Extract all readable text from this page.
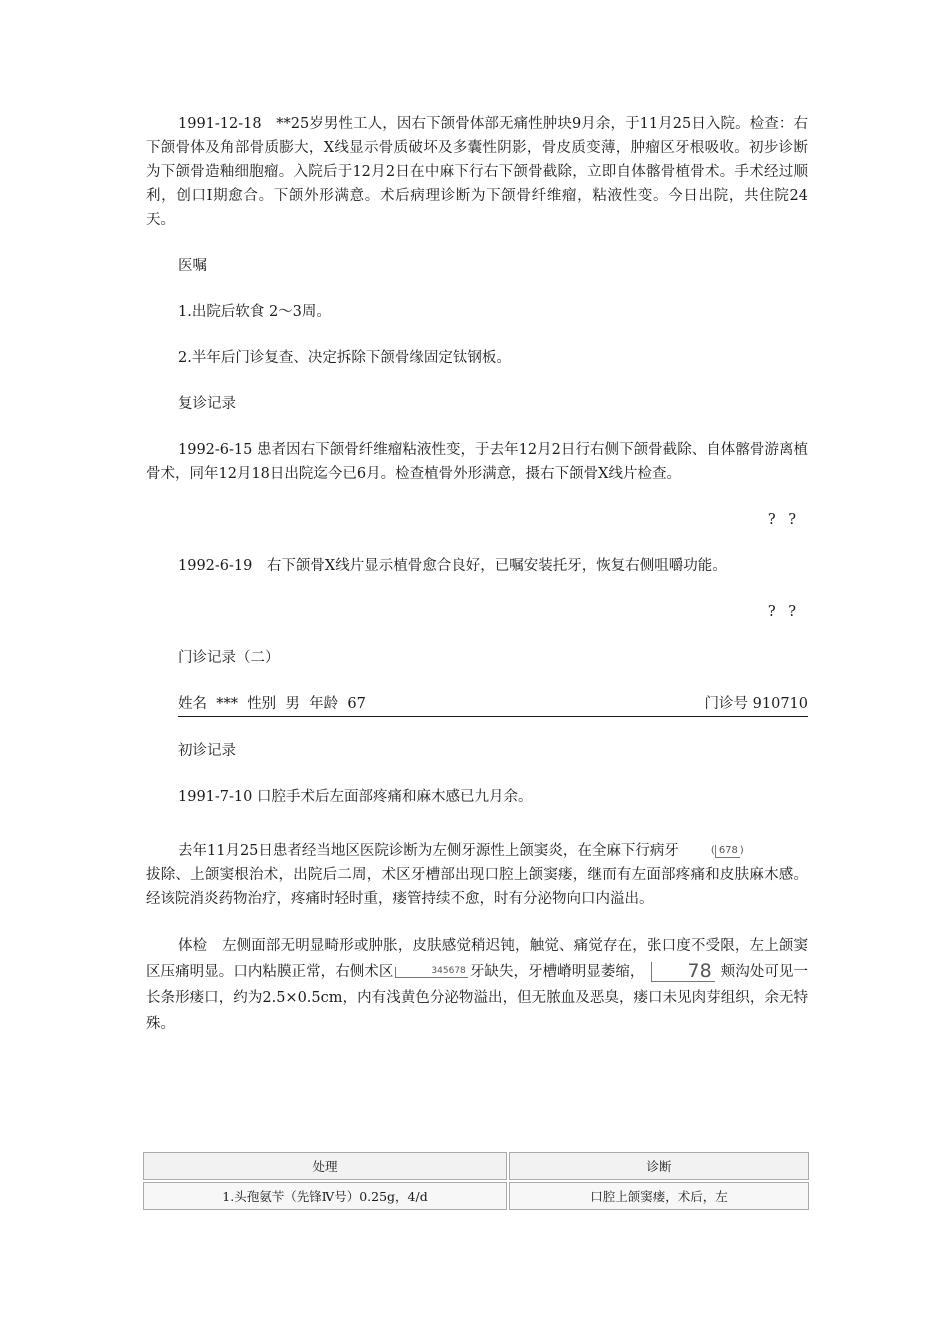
1991-12-18　**25岁男性工人，因右下颌骨体部无痛性肿块9月余，于11月25日入院。检查：右下颌骨体及角部骨质膨大，X线显示骨质破坏及多囊性阴影，骨皮质变薄，肿瘤区牙根吸收。初步诊断为下颌骨造釉细胞瘤。入院后于12月2日在中麻下行右下颌骨截除，立即自体髂骨植骨术。手术经过顺利，创口I期愈合。下颌外形满意。术后病理诊断为下颌骨纤维瘤，粘液性变。今日出院，共住院24天。

医嘱

1.出院后软食 2～3周。

2.半年后门诊复查、决定拆除下颌骨缘固定钛钢板。

复诊记录

1992-6-15 患者因右下颌骨纤维瘤粘液性变，于去年12月2日行右侧下颌骨截除、自体髂骨游离植骨术，同年12月18日出院迄今已6月。检查植骨外形满意，摄右下颌骨X线片检查。

? ?

1992-6-19　右下颌骨X线片显示植骨愈合良好，已嘱安装托牙，恢复右侧咀嚼功能。

? ?

门诊记录（二）

姓名 *** 性别 男 年龄 67	门诊号 910710

初诊记录

1991-7-10 口腔手术后左面部疼痛和麻木感已九月余。

去年11月25日患者经当地区医院诊断为左侧牙源性上颌窦炎，在全麻下行病牙	( 678 )
拔除、上颌窦根治术，出院后二周，术区牙槽部出现口腔上颌窦瘘，继而有左面部疼痛和皮肤麻木感。经该院消炎药物治疗，疼痛时轻时重，瘘管持续不愈，时有分泌物向口内溢出。

体检　左侧面部无明显畸形或肿胀，皮肤感觉稍迟钝，触觉、痛觉存在，张口度不受限，左上颌窦区压痛明显。口内粘膜正常，右侧术区	345678 牙缺失，牙槽嵴明显萎缩， 78 颊沟处可见一长条形瘘口，约为2.5×0.5cm，内有浅黄色分泌物溢出，但无脓血及恶臭，瘘口未见肉芽组织，余无特殊。

处理	诊断
1.头孢氨苄（先锋Ⅳ号）0.25g，4/d	口腔上颌窦瘘，术后，左
